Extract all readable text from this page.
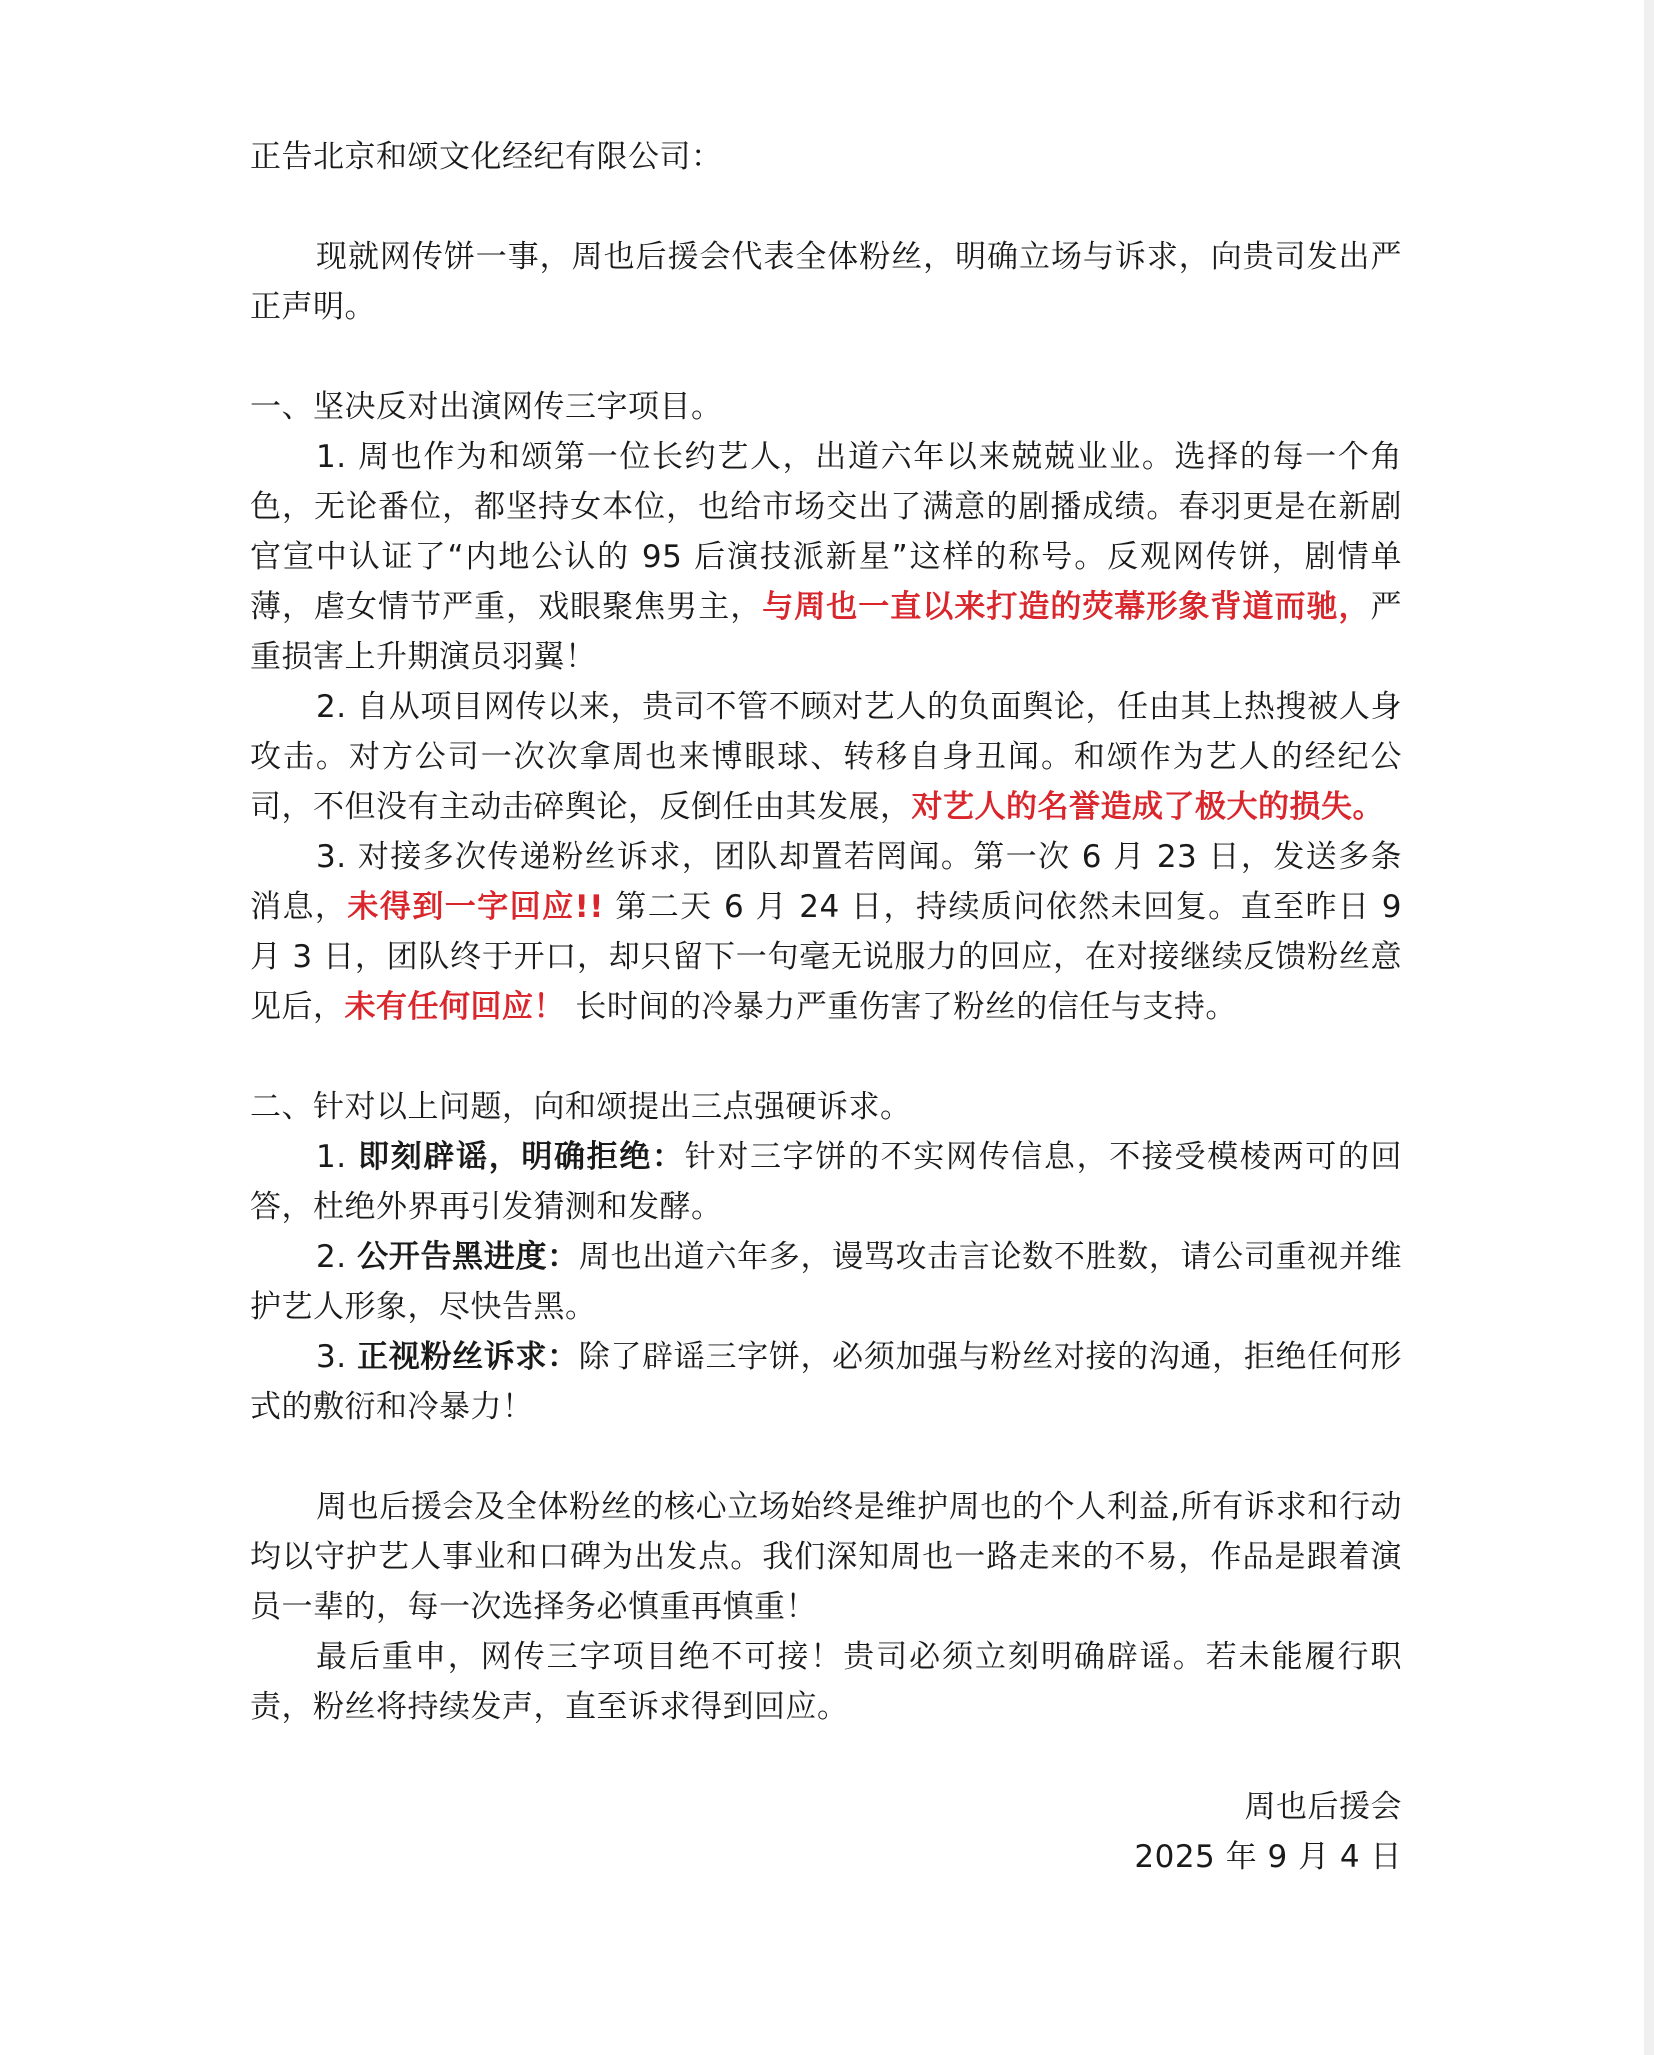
正告北京和颂文化经纪有限公司：

现就网传饼一事，周也后援会代表全体粉丝，明确立场与诉求，向贵司发出严正声明。

一、坚决反对出演网传三字项目。

1. 周也作为和颂第一位长约艺人，出道六年以来兢兢业业。选择的每一个角色，无论番位，都坚持女本位，也给市场交出了满意的剧播成绩。春羽更是在新剧官宣中认证了“内地公认的 95 后演技派新星”这样的称号。反观网传饼，剧情单薄，虐女情节严重，戏眼聚焦男主，与周也一直以来打造的荧幕形象背道而驰，严重损害上升期演员羽翼！

2. 自从项目网传以来，贵司不管不顾对艺人的负面舆论，任由其上热搜被人身攻击。对方公司一次次拿周也来博眼球、转移自身丑闻。和颂作为艺人的经纪公司，不但没有主动击碎舆论，反倒任由其发展，对艺人的名誉造成了极大的损失。

3. 对接多次传递粉丝诉求，团队却置若罔闻。第一次 6 月 23 日，发送多条消息，未得到一字回应!! 第二天 6 月 24 日，持续质问依然未回复。直至昨日 9 月 3 日，团队终于开口，却只留下一句毫无说服力的回应，在对接继续反馈粉丝意见后，未有任何回应！ 长时间的冷暴力严重伤害了粉丝的信任与支持。

二、针对以上问题，向和颂提出三点强硬诉求。

1. 即刻辟谣，明确拒绝：针对三字饼的不实网传信息，不接受模棱两可的回答，杜绝外界再引发猜测和发酵。

2. 公开告黑进度：周也出道六年多，谩骂攻击言论数不胜数，请公司重视并维护艺人形象，尽快告黑。

3. 正视粉丝诉求：除了辟谣三字饼，必须加强与粉丝对接的沟通，拒绝任何形式的敷衍和冷暴力！

周也后援会及全体粉丝的核心立场始终是维护周也的个人利益,所有诉求和行动均以守护艺人事业和口碑为出发点。我们深知周也一路走来的不易，作品是跟着演员一辈的，每一次选择务必慎重再慎重！

最后重申，网传三字项目绝不可接！贵司必须立刻明确辟谣。若未能履行职责，粉丝将持续发声，直至诉求得到回应。

周也后援会

2025 年 9 月 4 日
